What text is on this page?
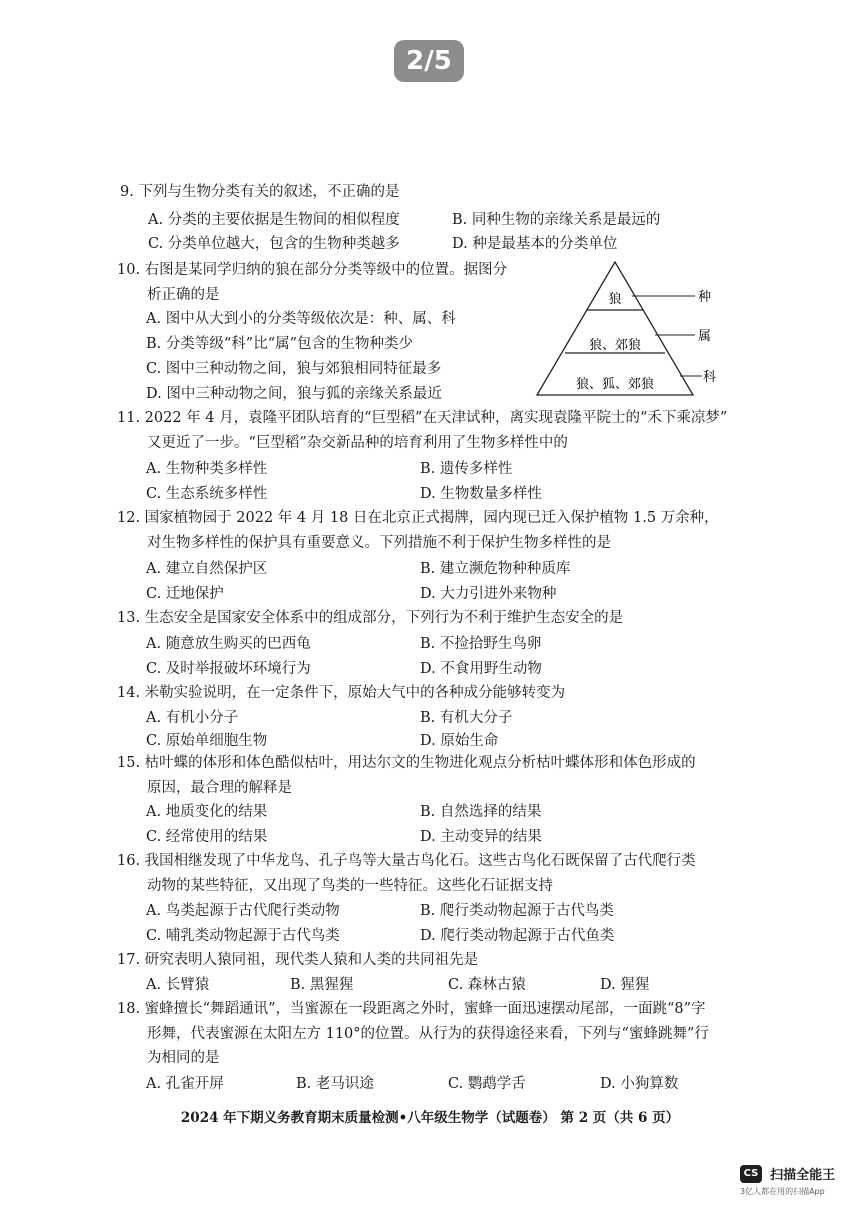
2/5
9. 下列与生物分类有关的叙述，不正确的是
A. 分类的主要依据是生物间的相似程度	B. 同种生物的亲缘关系是最远的
C. 分类单位越大，包含的生物种类越多	D. 种是最基本的分类单位
10. 右图是某同学归纳的狼在部分分类等级中的位置。据图分
析正确的是
A. 图中从大到小的分类等级依次是：种、属、科
B. 分类等级“科”比“属”包含的生物种类少
C. 图中三种动物之间，狼与郊狼相同特征最多
D. 图中三种动物之间，狼与狐的亲缘关系最近
狼
狼、郊狼
狼、狐、郊狼
种
属
科
11. 2022 年 4 月，袁隆平团队培育的“巨型稻”在天津试种，离实现袁隆平院士的“禾下乘凉梦”
又更近了一步。“巨型稻”杂交新品种的培育利用了生物多样性中的
A. 生物种类多样性	B. 遗传多样性
C. 生态系统多样性	D. 生物数量多样性
12. 国家植物园于 2022 年 4 月 18 日在北京正式揭牌，园内现已迁入保护植物 1.5 万余种，
对生物多样性的保护具有重要意义。下列措施不利于保护生物多样性的是
A. 建立自然保护区	B. 建立濒危物种种质库
C. 迁地保护	D. 大力引进外来物种
13. 生态安全是国家安全体系中的组成部分，下列行为不利于维护生态安全的是
A. 随意放生购买的巴西龟	B. 不捡拾野生鸟卵
C. 及时举报破坏环境行为	D. 不食用野生动物
14. 米勒实验说明，在一定条件下，原始大气中的各种成分能够转变为
A. 有机小分子	B. 有机大分子
C. 原始单细胞生物	D. 原始生命
15. 枯叶蝶的体形和体色酷似枯叶，用达尔文的生物进化观点分析枯叶蝶体形和体色形成的
原因，最合理的解释是
A. 地质变化的结果	B. 自然选择的结果
C. 经常使用的结果	D. 主动变异的结果
16. 我国相继发现了中华龙鸟、孔子鸟等大量古鸟化石。这些古鸟化石既保留了古代爬行类
动物的某些特征，又出现了鸟类的一些特征。这些化石证据支持
A. 鸟类起源于古代爬行类动物	B. 爬行类动物起源于古代鸟类
C. 哺乳类动物起源于古代鸟类	D. 爬行类动物起源于古代鱼类
17. 研究表明人猿同祖，现代类人猿和人类的共同祖先是
A. 长臂猿	B. 黑猩猩	C. 森林古猿	D. 猩猩
18. 蜜蜂擅长“舞蹈通讯”，当蜜源在一段距离之外时，蜜蜂一面迅速摆动尾部，一面跳“8”字
形舞，代表蜜源在太阳左方 110°的位置。从行为的获得途径来看，下列与“蜜蜂跳舞”行
为相同的是
A. 孔雀开屏	B. 老马识途	C. 鹦鹉学舌	D. 小狗算数
2024 年下期义务教育期末质量检测•八年级生物学（试题卷） 第 2 页（共 6 页）
CS 扫描全能王
3亿人都在用的扫描App
